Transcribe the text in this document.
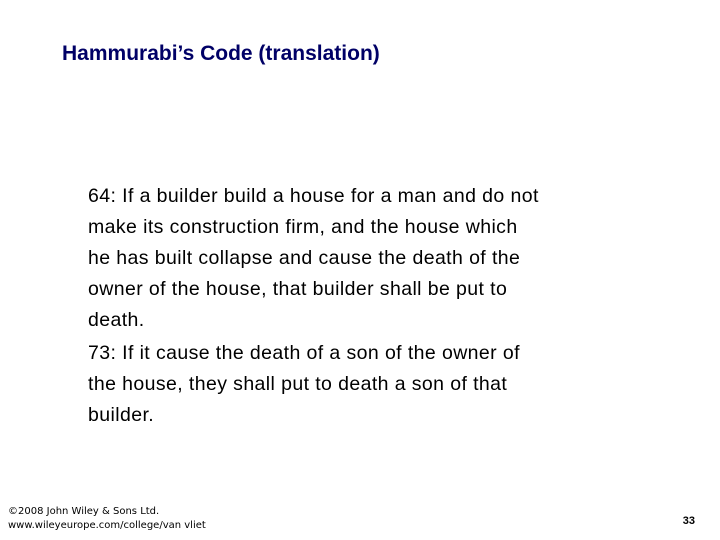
Hammurabi’s Code (translation)

64: If a builder build a house for a man and do not
make its construction firm, and the house which
he has built collapse and cause the death of the
owner of the house, that builder shall be put to
death.

73: If it cause the death of a son of the owner of
the house, they shall put to death a son of that
builder.

©2008 John Wiley & Sons Ltd.
www.wileyeurope.com/college/van vliet	33
